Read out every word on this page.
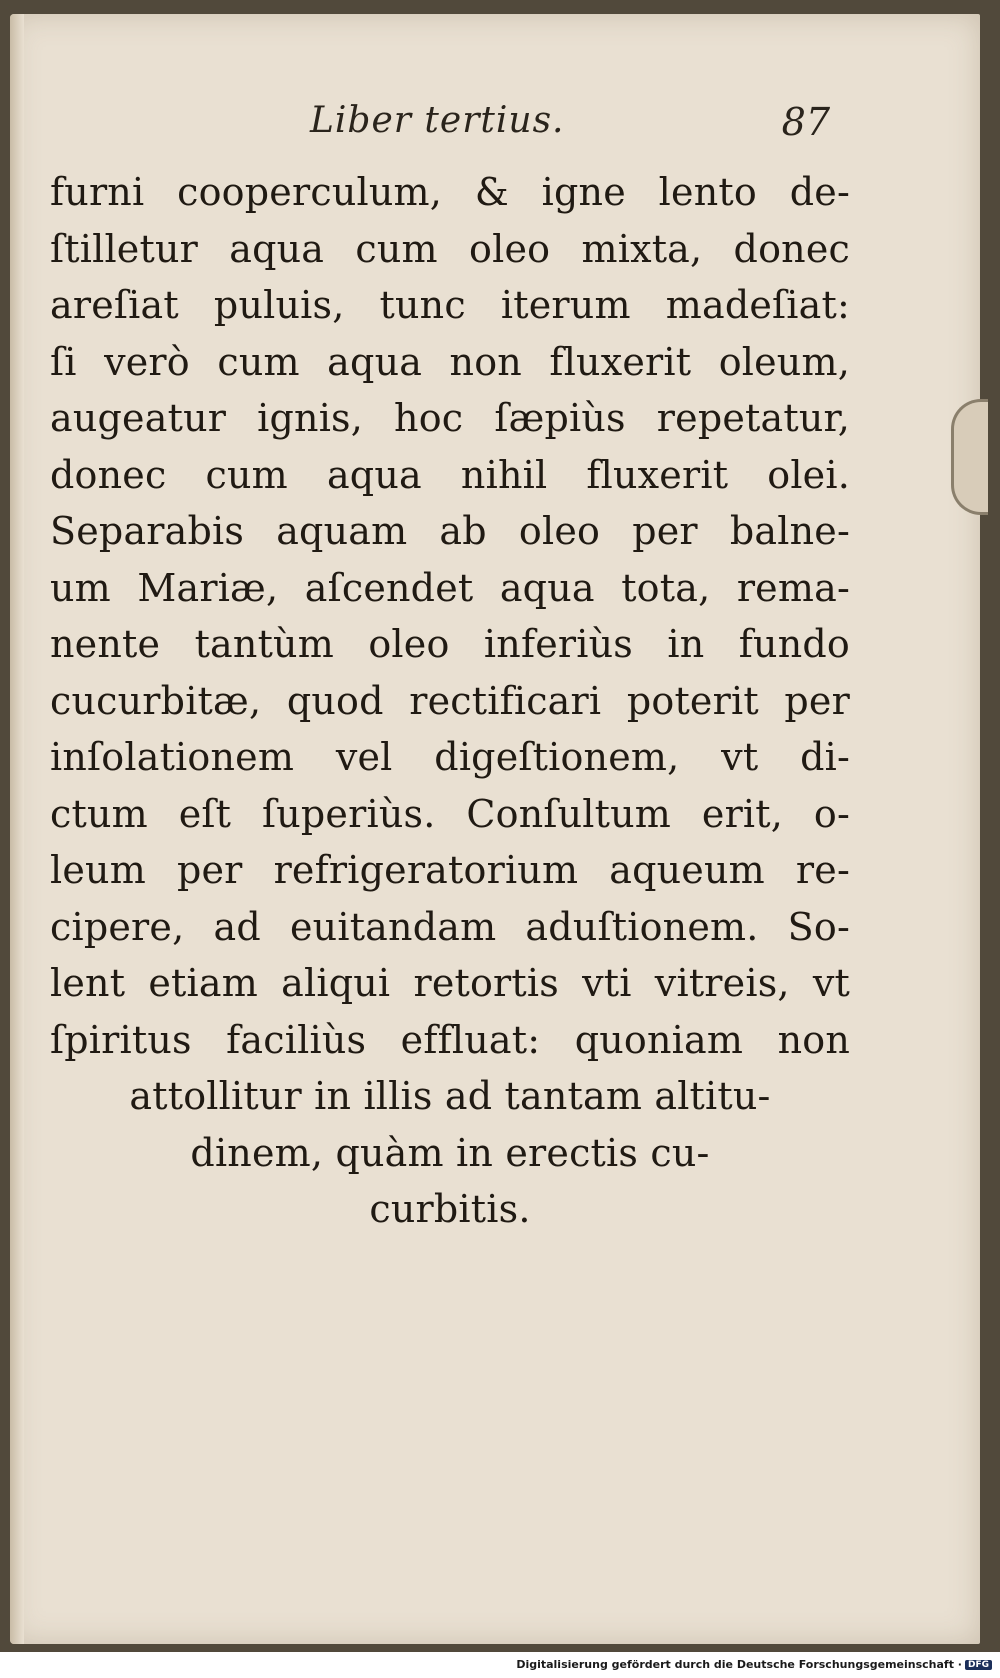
Liber tertius.	87
furni cooperculum, & igne lento de-
ſtilletur aqua cum oleo mixta, donec
areſiat puluis, tunc iterum madeſiat:
ſi verò cum aqua non fluxerit oleum,
augeatur ignis, hoc ſæpiùs repetatur,
donec cum aqua nihil fluxerit olei.
Separabis aquam ab oleo per balne-
um Mariæ, aſcendet aqua tota, rema-
nente tantùm oleo inferiùs in fundo
cucurbitæ, quod rectificari poterit per
inſolationem vel digeſtionem, vt di-
ctum eſt ſuperiùs. Conſultum erit, o-
leum per refrigeratorium aqueum re-
cipere, ad euitandam aduſtionem. So-
lent etiam aliqui retortis vti vitreis, vt
ſpiritus faciliùs effluat: quoniam non
attollitur in illis ad tantam altitu-
dinem, quàm in erectis cu-
curbitis.
Digitalisierung gefördert durch die Deutsche Forschungsgemeinschaft · DFG
